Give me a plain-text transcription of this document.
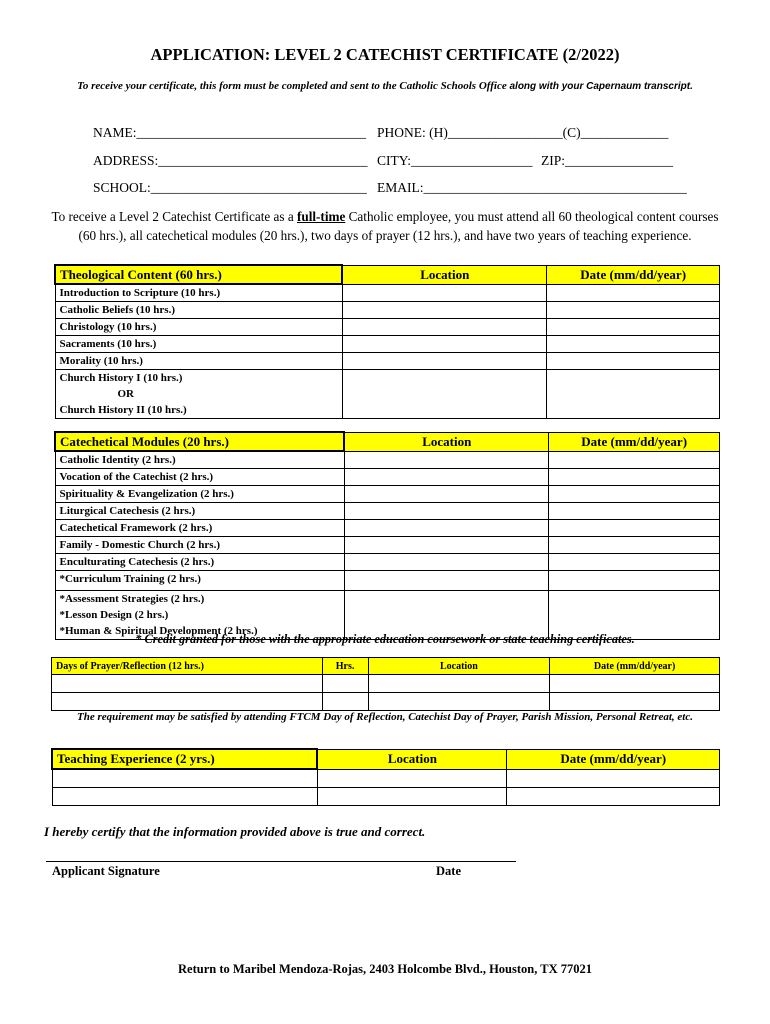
APPLICATION: LEVEL 2 CATECHIST CERTIFICATE (2/2022)
To receive your certificate, this form must be completed and sent to the Catholic Schools Office along with your Capernaum transcript.
NAME:__________________________________ PHONE: (H)_________________(C)_____________
ADDRESS:_______________________________ CITY:__________________ ZIP:________________
SCHOOL:________________________________ EMAIL:_______________________________________
To receive a Level 2 Catechist Certificate as a full-time Catholic employee, you must attend all 60 theological content courses (60 hrs.), all catechetical modules (20 hrs.), two days of prayer (12 hrs.), and have two years of teaching experience.
Theological Content (60 hrs.)	Location	Date (mm/dd/year)
Introduction to Scripture (10 hrs.)		
Catholic Beliefs (10 hrs.)		
Christology (10 hrs.)		
Sacraments (10 hrs.)		
Morality (10 hrs.)		

Church History I (10 hrs.)
OR
Church History II (10 hrs.)		

Catechetical Modules (20 hrs.)	Location	Date (mm/dd/year)
Catholic Identity (2 hrs.)		
Vocation of the Catechist (2 hrs.)		
Spirituality & Evangelization (2 hrs.)		
Liturgical Catechesis (2 hrs.)		
Catechetical Framework (2 hrs.)		
Family - Domestic Church (2 hrs.)		
Enculturating Catechesis (2 hrs.)		
*Curriculum Training (2 hrs.)		

*Assessment Strategies (2 hrs.)
*Lesson Design (2 hrs.)
*Human & Spiritual Development (2 hrs.)		

* Credit granted for those with the appropriate education coursework or state teaching certificates.
Days of Prayer/Reflection (12 hrs.)	Hrs.	Location	Date (mm/dd/year)

The requirement may be satisfied by attending FTCM Day of Reflection, Catechist Day of Prayer, Parish Mission, Personal Retreat, etc.
Teaching Experience (2 yrs.)	Location	Date (mm/dd/year)

I hereby certify that the information provided above is true and correct.
Applicant Signature	Date
Return to Maribel Mendoza-Rojas, 2403 Holcombe Blvd., Houston, TX 77021
